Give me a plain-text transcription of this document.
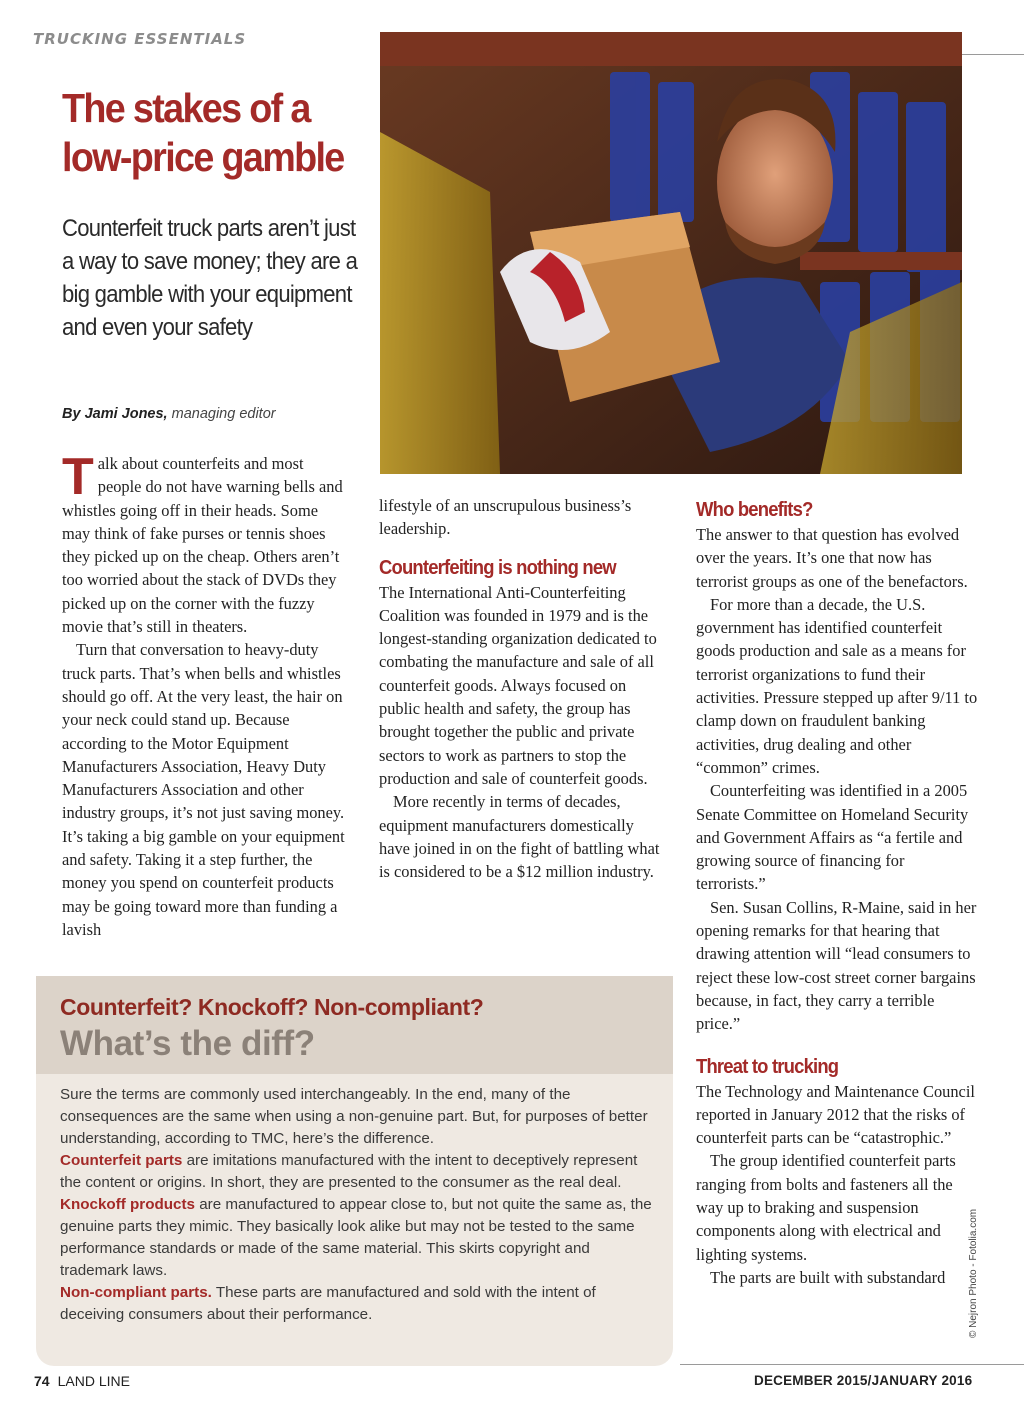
TRUCKING ESSENTIALS
The stakes of a low-price gamble
Counterfeit truck parts aren’t just a way to save money; they are a big gamble with your equipment and even your safety
By Jami Jones, managing editor

T alk about counterfeits and most people do not have warning bells and whistles going off in their heads. Some may think of fake purses or tennis shoes they picked up on the cheap. Others aren’t too worried about the stack of DVDs they picked up on the corner with the fuzzy movie that’s still in theaters.

Turn that conversation to heavy-duty truck parts. That’s when bells and whistles should go off. At the very least, the hair on your neck could stand up. Because according to the Motor Equipment Manufacturers Association, Heavy Duty Manufacturers Association and other industry groups, it’s not just saving money. It’s taking a big gamble on your equipment and safety. Taking it a step further, the money you spend on counterfeit products may be going toward more than funding a lavish

lifestyle of an unscrupulous business’s leadership.

Counterfeiting is nothing new

The International Anti-Counterfeiting Coalition was founded in 1979 and is the longest-standing organization dedicated to combating the manufacture and sale of all counterfeit goods. Always focused on public health and safety, the group has brought together the public and private sectors to work as partners to stop the production and sale of counterfeit goods.

More recently in terms of decades, equipment manufacturers domestically have joined in on the fight of battling what is considered to be a $12 million industry.

Who benefits?

The answer to that question has evolved over the years. It’s one that now has terrorist groups as one of the benefactors.

For more than a decade, the U.S. government has identified counterfeit goods production and sale as a means for terrorist organizations to fund their activities. Pressure stepped up after 9/11 to clamp down on fraudulent banking activities, drug dealing and other “common” crimes.

Counterfeiting was identified in a 2005 Senate Committee on Homeland Security and Government Affairs as “a fertile and growing source of financing for terrorists.”

Sen. Susan Collins, R-Maine, said in her opening remarks for that hearing that drawing attention will “lead consumers to reject these low-cost street corner bargains because, in fact, they carry a terrible price.”

Threat to trucking

The Technology and Maintenance Council reported in January 2012 that the risks of counterfeit parts can be “catastrophic.”

The group identified counterfeit parts ranging from bolts and fasteners all the way up to braking and suspension components along with electrical and lighting systems.

The parts are built with substandard

Counterfeit? Knockoff? Non-compliant?
What’s the diff?

Sure the terms are commonly used interchangeably. In the end, many of the consequences are the same when using a non-genuine part. But, for purposes of better understanding, according to TMC, here’s the difference.

Counterfeit parts are imitations manufactured with the intent to deceptively represent the content or origins. In short, they are presented to the consumer as the real deal.

Knockoff products are manufactured to appear close to, but not quite the same as, the genuine parts they mimic. They basically look alike but may not be tested to the same performance standards or made of the same material. This skirts copyright and trademark laws.

Non-compliant parts. These parts are manufactured and sold with the intent of deceiving consumers about their performance.	© Nejron Photo - Fotolia.com
74 LAND LINE	DECEMBER 2015/JANUARY 2016
